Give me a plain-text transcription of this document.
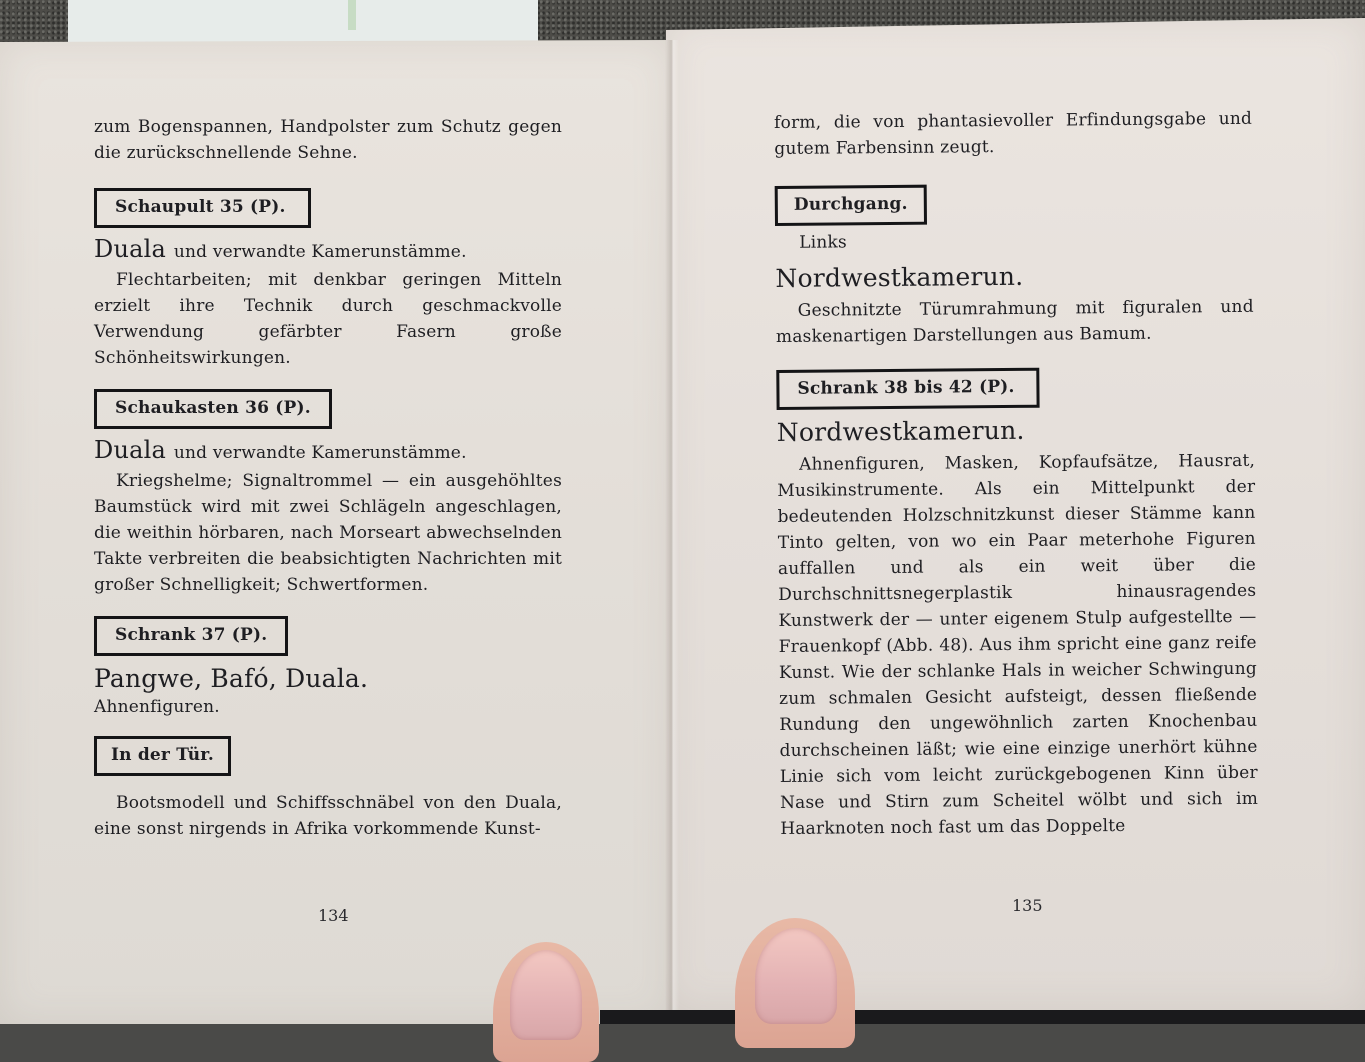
zum Bogenspannen, Handpolster zum Schutz gegen die zurückschnellende Sehne.

Schaupult 35 (P).

Duala und verwandte Kamerunstämme.

Flechtarbeiten; mit denkbar geringen Mitteln erzielt ihre Technik durch geschmackvolle Verwendung gefärbter Fasern große Schönheitswirkungen.

Schaukasten 36 (P).

Duala und verwandte Kamerunstämme.

Kriegshelme; Signaltrommel — ein ausgehöhltes Baumstück wird mit zwei Schlägeln angeschlagen, die weithin hörbaren, nach Morseart abwechselnden Takte verbreiten die beabsichtigten Nachrichten mit großer Schnelligkeit; Schwertformen.

Schrank 37 (P).

Pangwe, Bafó, Duala.

Ahnenfiguren.

In der Tür.

Bootsmodell und Schiffsschnäbel von den Duala, eine sonst nirgends in Afrika vorkommende Kunst-

134

form, die von phantasievoller Erfindungsgabe und gutem Farbensinn zeugt.

Durchgang.

Links

Nordwestkamerun.

Geschnitzte Türumrahmung mit figuralen und maskenartigen Darstellungen aus Bamum.

Schrank 38 bis 42 (P).

Nordwestkamerun.

Ahnenfiguren, Masken, Kopfaufsätze, Hausrat, Musikinstrumente. Als ein Mittelpunkt der bedeutenden Holzschnitzkunst dieser Stämme kann Tinto gelten, von wo ein Paar meterhohe Figuren auffallen und als ein weit über die Durchschnittsnegerplastik hinausragendes Kunstwerk der — unter eigenem Stulp aufgestellte — Frauenkopf (Abb. 48). Aus ihm spricht eine ganz reife Kunst. Wie der schlanke Hals in weicher Schwingung zum schmalen Gesicht aufsteigt, dessen fließende Rundung den ungewöhnlich zarten Knochenbau durchscheinen läßt; wie eine einzige unerhört kühne Linie sich vom leicht zurückgebogenen Kinn über Nase und Stirn zum Scheitel wölbt und sich im Haarknoten noch fast um das Doppelte

135
